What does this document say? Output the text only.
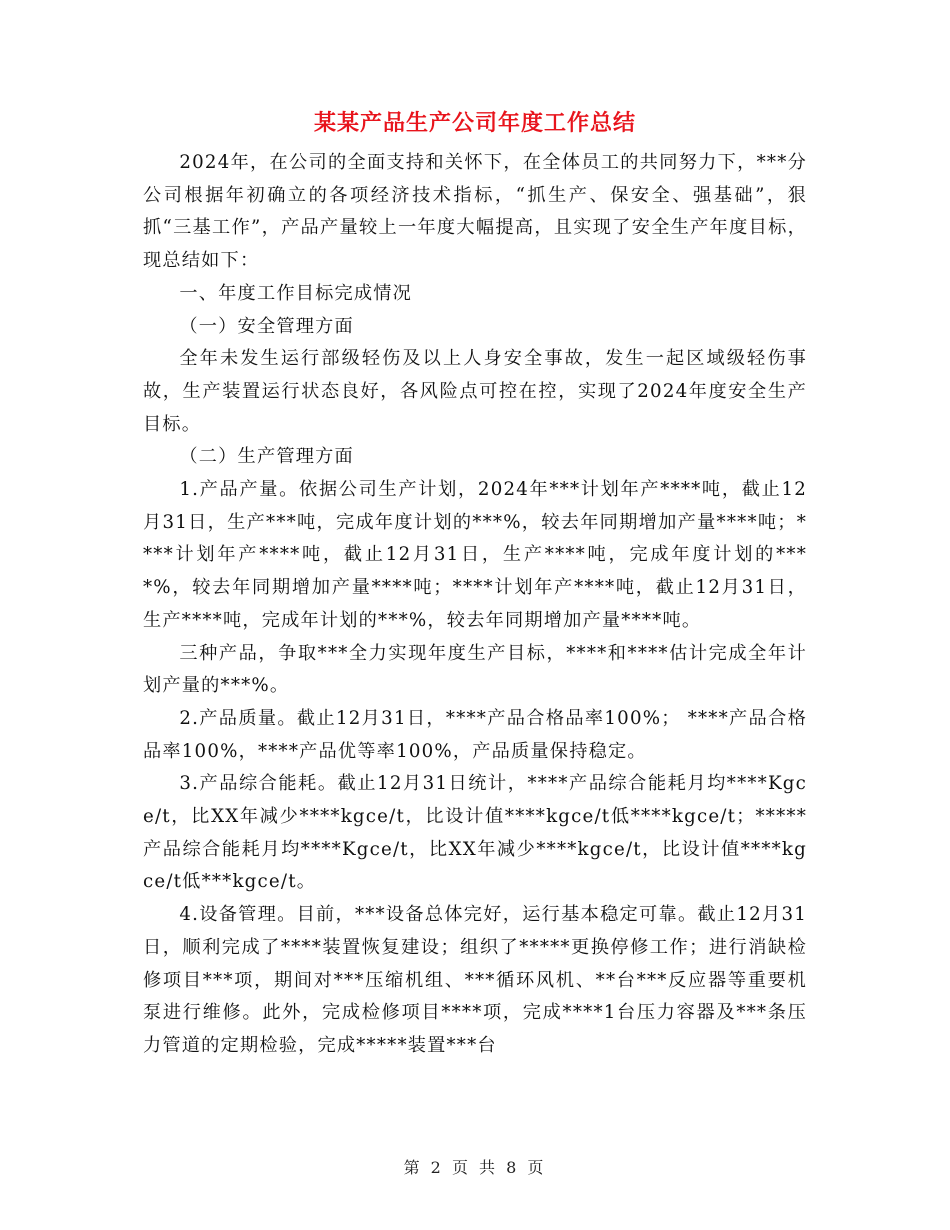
某某产品生产公司年度工作总结

2024年，在公司的全面支持和关怀下，在全体员工的共同努力下，***分公司根据年初确立的各项经济技术指标，“抓生产、保安全、强基础”，狠抓“三基工作”，产品产量较上一年度大幅提高，且实现了安全生产年度目标，现总结如下：

一、年度工作目标完成情况

（一）安全管理方面

全年未发生运行部级轻伤及以上人身安全事故，发生一起区域级轻伤事故，生产装置运行状态良好，各风险点可控在控，实现了2024年度安全生产目标。

（二）生产管理方面

1.产品产量。依据公司生产计划，2024年***计划年产****吨，截止12月31日，生产***吨，完成年度计划的***%，较去年同期增加产量****吨；****计划年产****吨，截止12月31日，生产****吨，完成年度计划的****%，较去年同期增加产量****吨；****计划年产****吨，截止12月31日，生产****吨，完成年计划的***%，较去年同期增加产量****吨。

三种产品，争取***全力实现年度生产目标，****和****估计完成全年计划产量的***%。

2.产品质量。截止12月31日，****产品合格品率100%； ****产品合格品率100%，****产品优等率100%，产品质量保持稳定。

3.产品综合能耗。截止12月31日统计，****产品综合能耗月均****Kgce/t，比XX年减少****kgce/t，比设计值****kgce/t低****kgce/t；*****产品综合能耗月均****Kgce/t，比XX年减少****kgce/t，比设计值****kgce/t低***kgce/t。

4.设备管理。目前，***设备总体完好，运行基本稳定可靠。截止12月31日，顺利完成了****装置恢复建设；组织了*****更换停修工作；进行消缺检修项目***项，期间对***压缩机组、***循环风机、**台***反应器等重要机泵进行维修。此外，完成检修项目****项，完成****1台压力容器及***条压力管道的定期检验，完成*****装置***台

第 2 页 共 8 页
